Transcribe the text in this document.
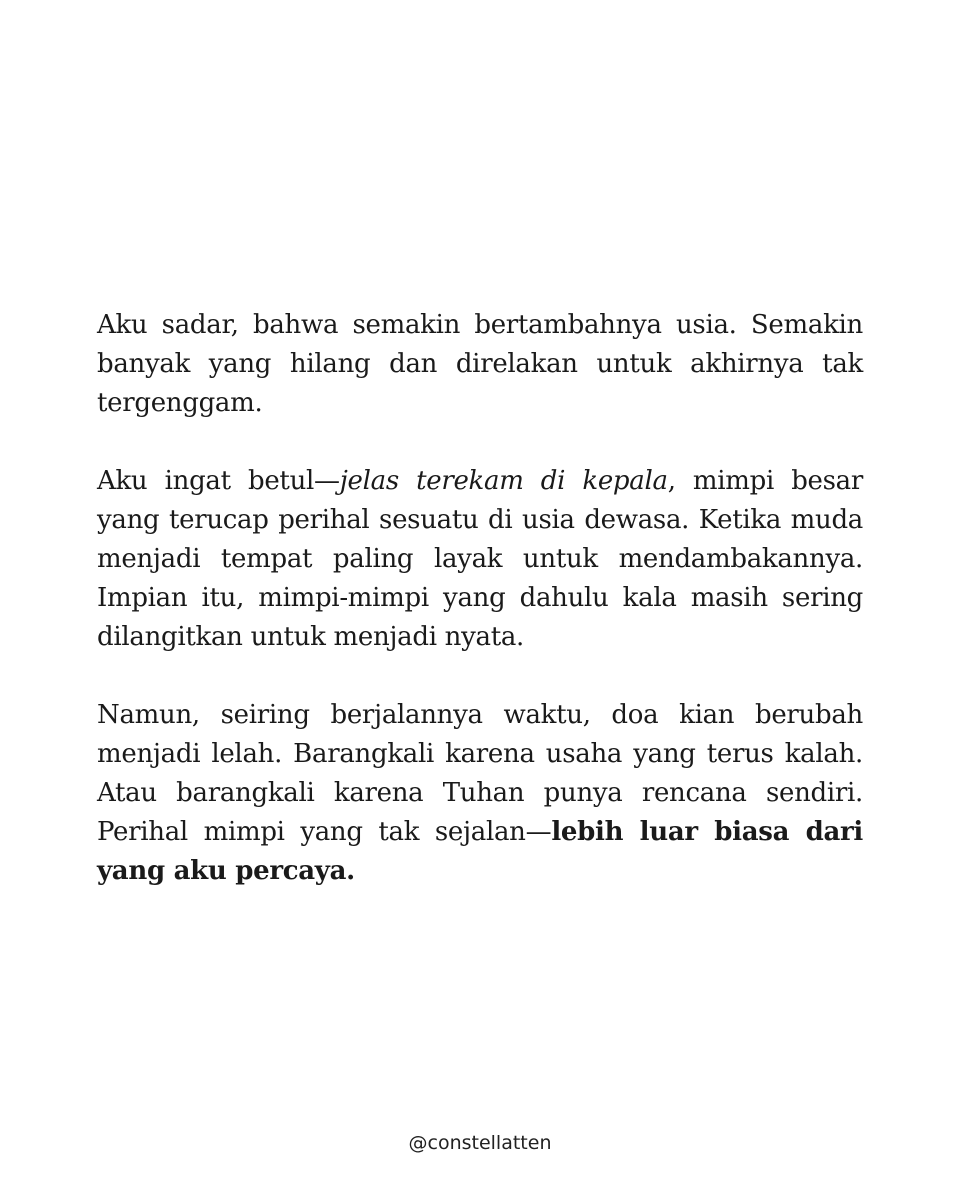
Aku sadar, bahwa semakin bertambahnya usia. Semakin banyak yang hilang dan direlakan untuk akhirnya tak tergenggam.

Aku ingat betul—jelas terekam di kepala, mimpi besar yang terucap perihal sesuatu di usia dewasa. Ketika muda menjadi tempat paling layak untuk mendambakannya. Impian itu, mimpi-mimpi yang dahulu kala masih sering dilangitkan untuk menjadi nyata.

Namun, seiring berjalannya waktu, doa kian berubah menjadi lelah. Barangkali karena usaha yang terus kalah. Atau barangkali karena Tuhan punya rencana sendiri. Perihal mimpi yang tak sejalan—lebih luar biasa dari yang aku percaya.

@constellatten
